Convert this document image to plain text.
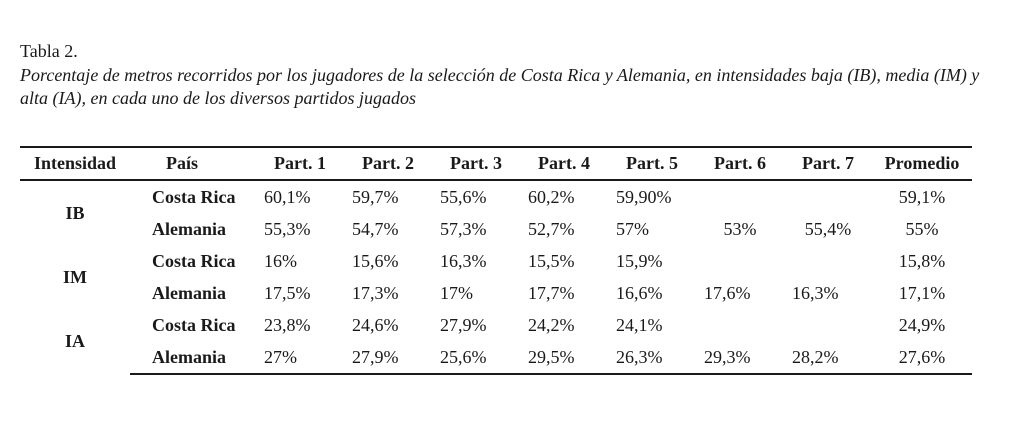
Tabla 2.
Porcentaje de metros recorridos por los jugadores de la selección de Costa Rica y Alemania, en intensidades baja (IB), media (IM) y alta (IA), en cada uno de los diversos partidos jugados
Intensidad	País	Part. 1	Part. 2	Part. 3	Part. 4	Part. 5	Part. 6	Part. 7	Promedio
IB	Costa Rica	60,1%	59,7%	55,6%	60,2%	59,90%			59,1%
	Alemania	55,3%	54,7%	57,3%	52,7%	57%	53%	55,4%	55%
IM	Costa Rica	16%	15,6%	16,3%	15,5%	15,9%			15,8%
	Alemania	17,5%	17,3%	17%	17,7%	16,6%	17,6%	16,3%	17,1%
IA	Costa Rica	23,8%	24,6%	27,9%	24,2%	24,1%			24,9%
	Alemania	27%	27,9%	25,6%	29,5%	26,3%	29,3%	28,2%	27,6%
